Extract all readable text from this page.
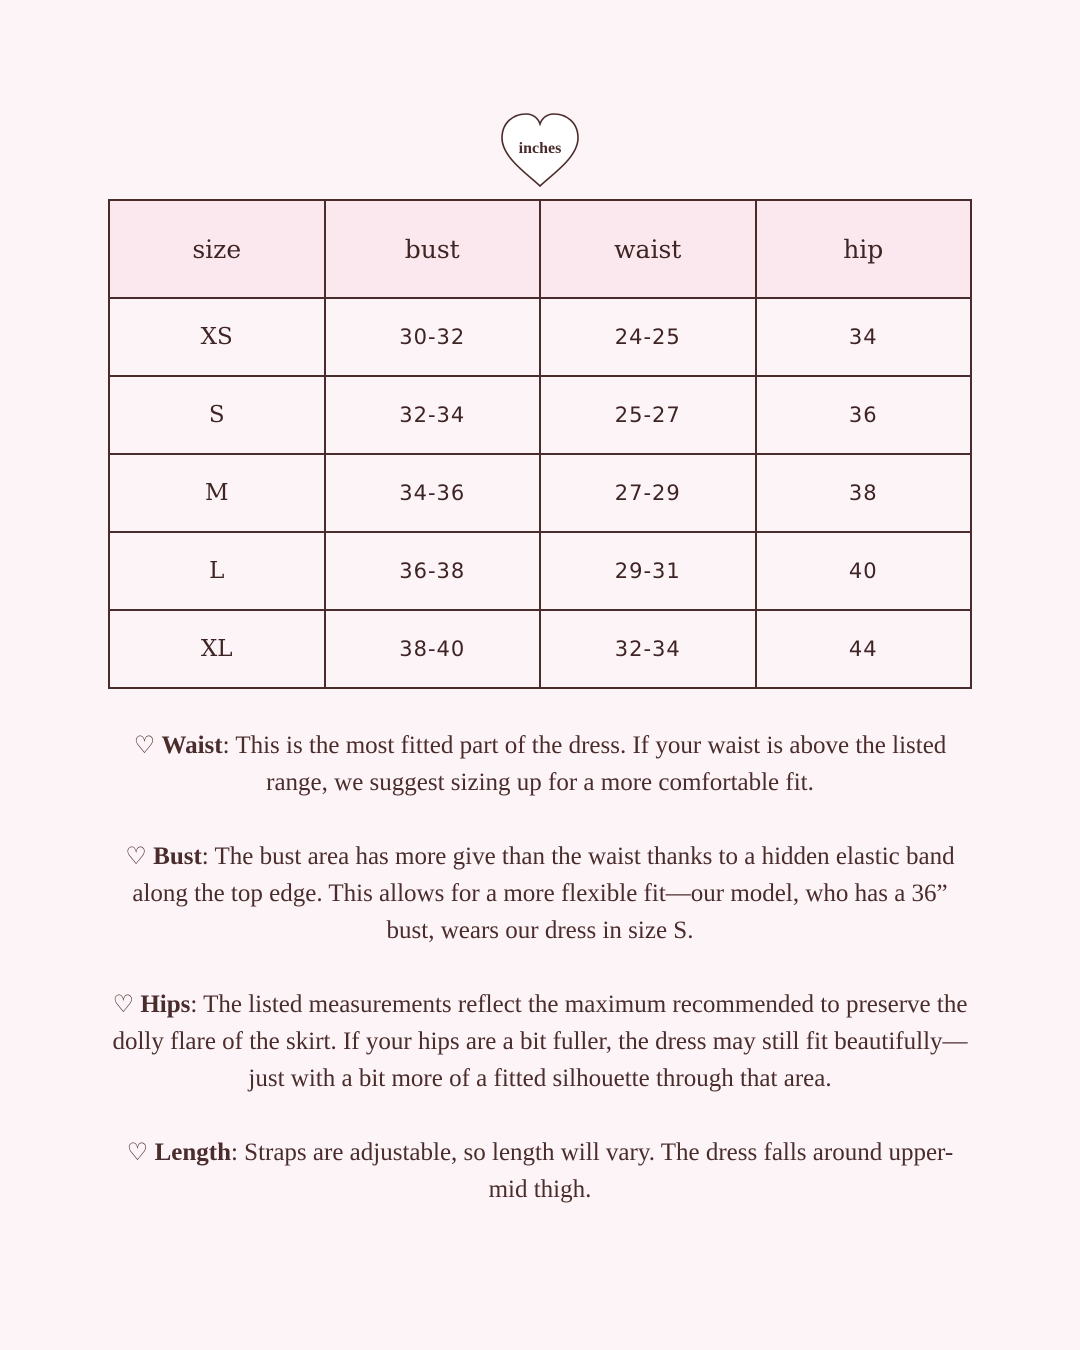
inches
size	bust	waist	hip
XS	30-32	24-25	34
S	32-34	25-27	36
M	34-36	27-29	38
L	36-38	29-31	40
XL	38-40	32-34	44

♡ Waist: This is the most fitted part of the dress. If your waist is above the listed range, we suggest sizing up for a more comfortable fit.

♡ Bust: The bust area has more give than the waist thanks to a hidden elastic band along the top edge. This allows for a more flexible fit—our model, who has a 36” bust, wears our dress in size S.

♡ Hips: The listed measurements reflect the maximum recommended to preserve the dolly flare of the skirt. If your hips are a bit fuller, the dress may still fit beautifully—just with a bit more of a fitted silhouette through that area.

♡ Length: Straps are adjustable, so length will vary. The dress falls around upper-mid thigh.
